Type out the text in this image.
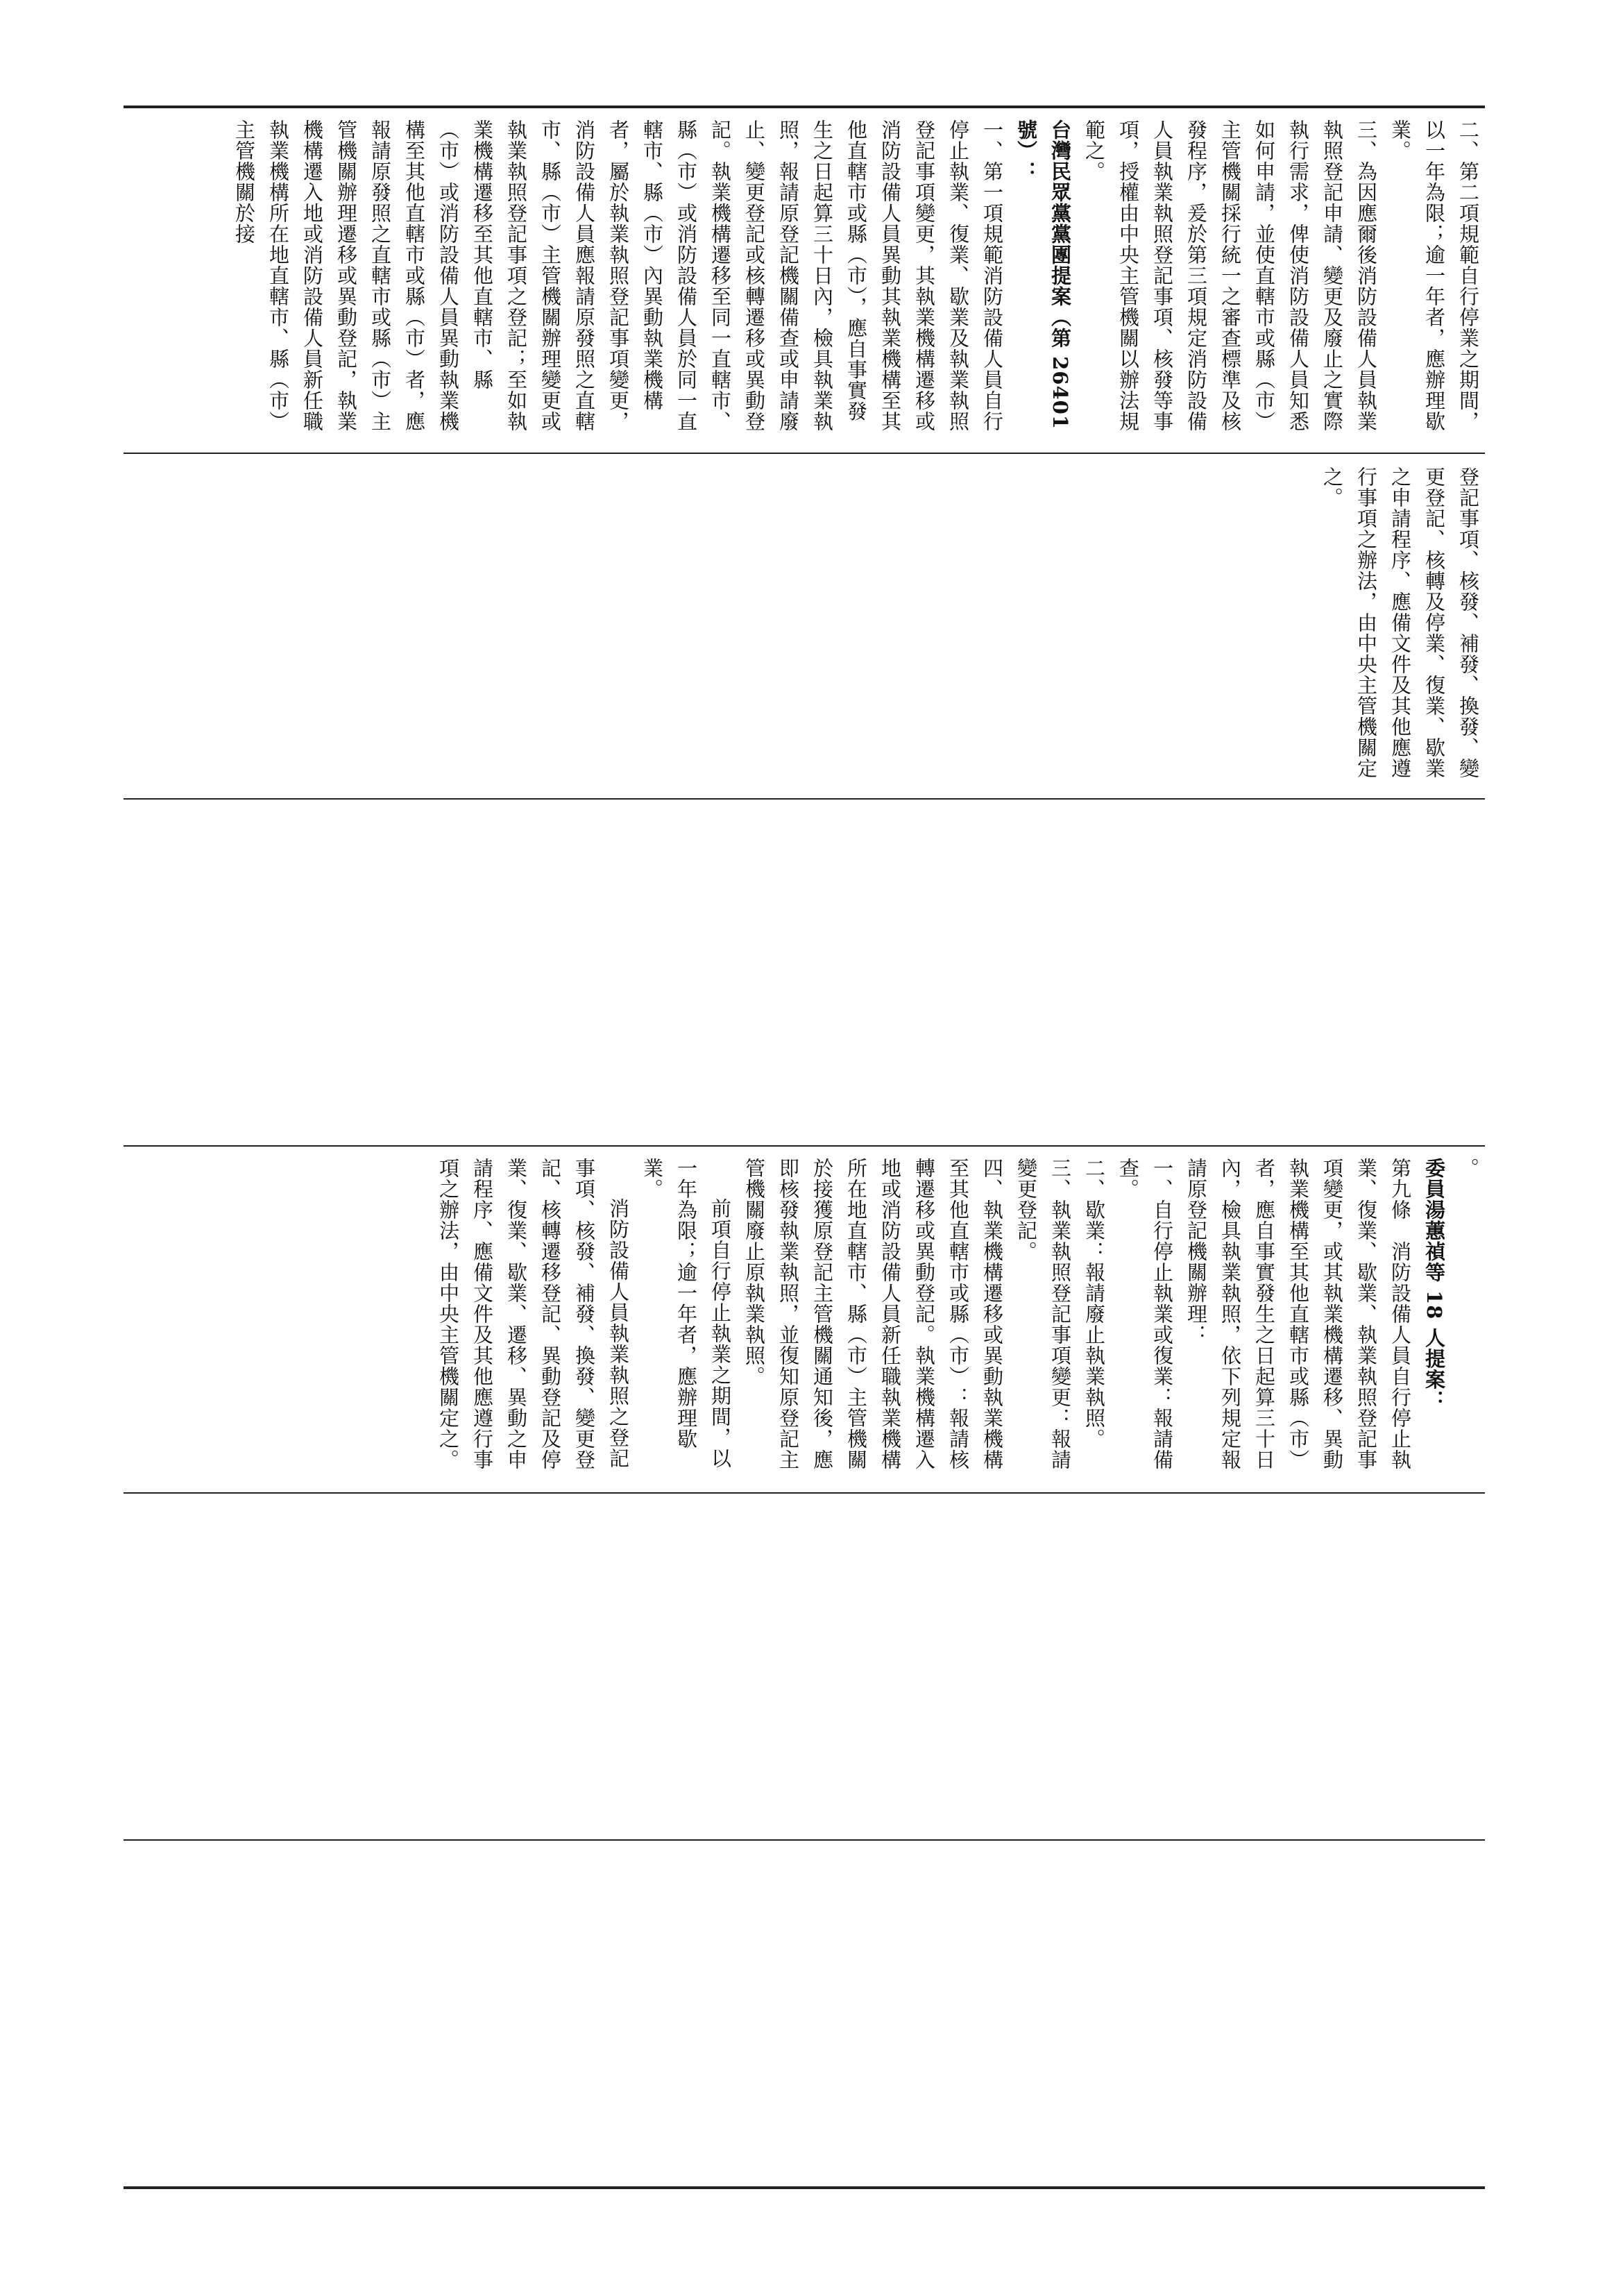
二、第二項規範自行停業之期間，以一年為限；逾一年者，應辦理歇業。

三、為因應爾後消防設備人員執業執照登記申請、變更及廢止之實際執行需求，俾使消防設備人員知悉如何申請，並使直轄市或縣（市）主管機關採行統一之審查標準及核發程序，爰於第三項規定消防設備人員執業執照登記事項、核發等事項，授權由中央主管機關以辦法規範之。

台灣民眾黨黨團提案（第 26401 號）：

一、第一項規範消防設備人員自行停止執業、復業、歇業及執業執照登記事項變更，其執業機構遷移或消防設備人員異動其執業機構至其他直轄市或縣（市），應自事實發生之日起算三十日內，檢具執業執照，報請原登記機關備查或申請廢止、變更登記或核轉遷移或異動登記。執業機構遷移至同一直轄市、縣（市）或消防設備人員於同一直轄市、縣（市）內異動執業機構者，屬於執業執照登記事項變更，消防設備人員應報請原發照之直轄市、縣（市）主管機關辦理變更或執業執照登記事項之登記；至如執業機構遷移至其他直轄市、縣（市）或消防設備人員異動執業機構至其他直轄市或縣（市）者，應報請原發照之直轄市或縣（市）主管機關辦理遷移或異動登記，執業機構遷入地或消防設備人員新任職執業機構所在地直轄市、縣（市）主管機關於接

登記事項、核發、補發、換發、變更登記、核轉及停業、復業、歇業之申請程序、應備文件及其他應遵行事項之辦法，由中央主管機關定之。

。

委員湯蕙禎等 18 人提案：

第九條　消防設備人員自行停止執業、復業、歇業、執業執照登記事項變更，或其執業機構遷移、異動執業機構至其他直轄市或縣（市）者，應自事實發生之日起算三十日內，檢具執業執照，依下列規定報請原登記機關辦理：

一、自行停止執業或復業：報請備查。

二、歇業：報請廢止執業執照。

三、執業執照登記事項變更：報請變更登記。

四、執業機構遷移或異動執業機構至其他直轄市或縣（市）：報請核轉遷移或異動登記。執業機構遷入地或消防設備人員新任職執業機構所在地直轄市、縣（市）主管機關於接獲原登記主管機關通知後，應即核發執業執照，並復知原登記主管機關廢止原執業執照。

前項自行停止執業之期間，以一年為限；逾一年者，應辦理歇業。

消防設備人員執業執照之登記事項、核發、補發、換發、變更登記、核轉遷移登記、異動登記及停業、復業、歇業、遷移、異動之申請程序、應備文件及其他應遵行事項之辦法，由中央主管機關定之。
